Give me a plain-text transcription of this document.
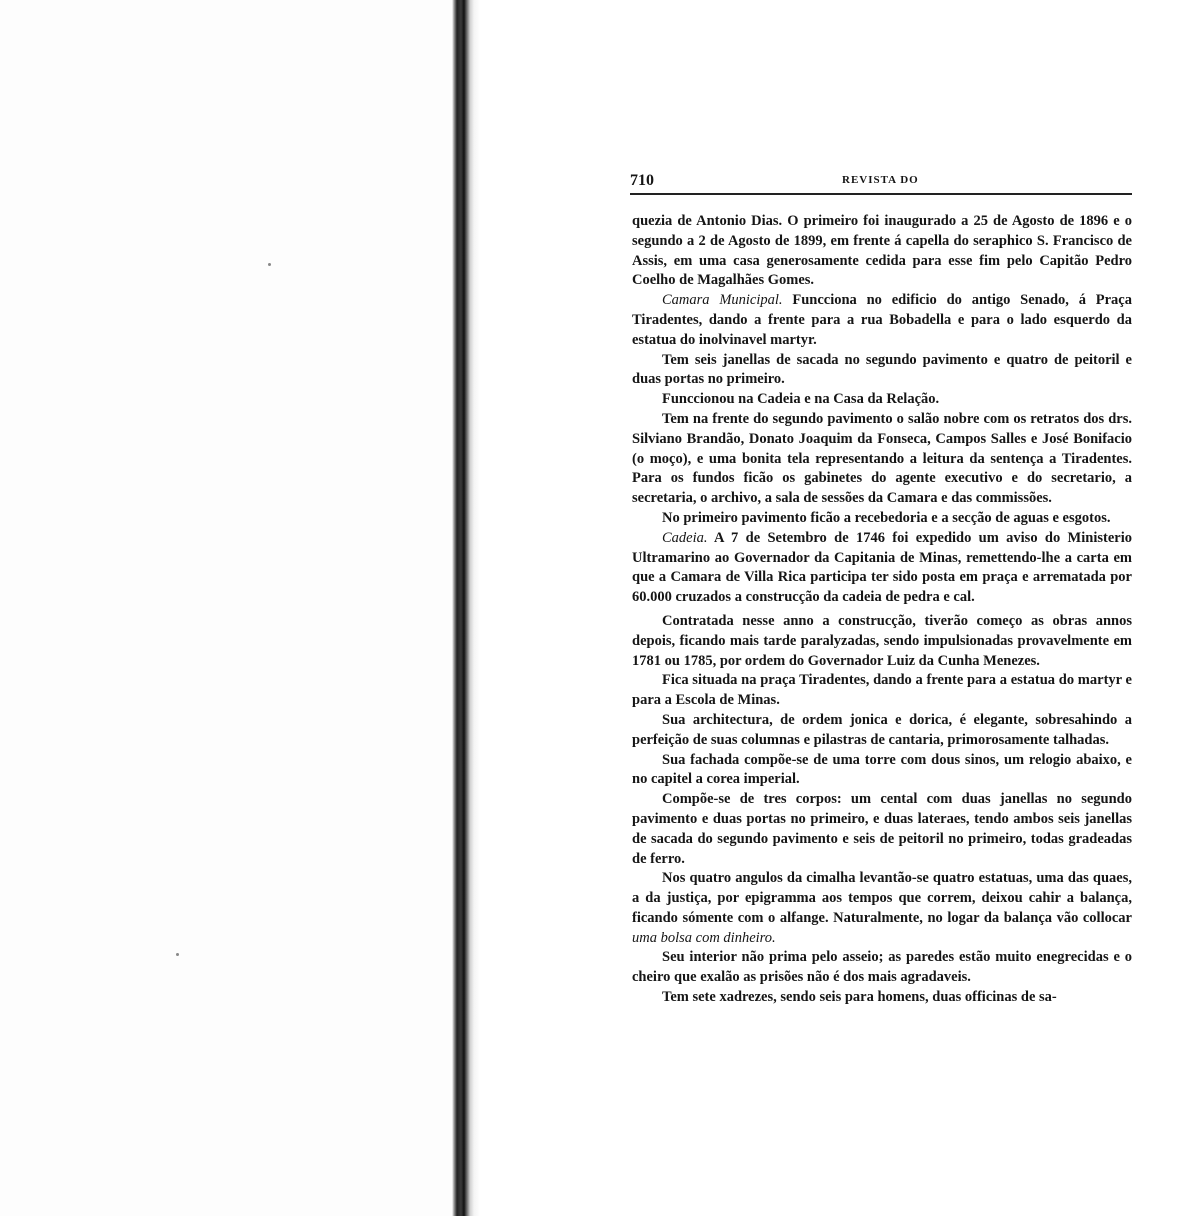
710	REVISTA DO

quezia de Antonio Dias. O primeiro foi inaugurado a 25 de Agosto de 1896 e o segundo a 2 de Agosto de 1899, em frente á capella do seraphico S. Francisco de Assis, em uma casa generosamente cedida para esse fim pelo Capitão Pedro Coelho de Magalhães Gomes.

Camara Municipal. Funcciona no edificio do antigo Senado, á Praça Tiradentes, dando a frente para a rua Bobadella e para o lado esquerdo da estatua do inolvinavel martyr.

Tem seis janellas de sacada no segundo pavimento e quatro de peitoril e duas portas no primeiro.

Funccionou na Cadeia e na Casa da Relação.

Tem na frente do segundo pavimento o salão nobre com os retratos dos drs. Silviano Brandão, Donato Joaquim da Fonseca, Campos Salles e José Bonifacio (o moço), e uma bonita tela representando a leitura da sentença a Tiradentes. Para os fundos ficão os gabinetes do agente executivo e do secretario, a secretaria, o archivo, a sala de sessões da Camara e das commissões.

No primeiro pavimento ficão a recebedoria e a secção de aguas e esgotos.

Cadeia. A 7 de Setembro de 1746 foi expedido um aviso do Ministerio Ultramarino ao Governador da Capitania de Minas, remettendo-lhe a carta em que a Camara de Villa Rica participa ter sido posta em praça e arrematada por 60.000 cruzados a construcção da cadeia de pedra e cal.

Contratada nesse anno a construcção, tiverão começo as obras annos depois, ficando mais tarde paralyzadas, sendo impulsionadas provavelmente em 1781 ou 1785, por ordem do Governador Luiz da Cunha Menezes.

Fica situada na praça Tiradentes, dando a frente para a estatua do martyr e para a Escola de Minas.

Sua architectura, de ordem jonica e dorica, é elegante, sobresahindo a perfeição de suas columnas e pilastras de cantaria, primorosamente talhadas.

Sua fachada compõe-se de uma torre com dous sinos, um relogio abaixo, e no capitel a corea imperial.

Compõe-se de tres corpos: um cental com duas janellas no segundo pavimento e duas portas no primeiro, e duas lateraes, tendo ambos seis janellas de sacada do segundo pavimento e seis de peitoril no primeiro, todas gradeadas de ferro.

Nos quatro angulos da cimalha levantão-se quatro estatuas, uma das quaes, a da justiça, por epigramma aos tempos que correm, deixou cahir a balança, ficando sómente com o alfange. Naturalmente, no logar da balança vão collocar uma bolsa com dinheiro.

Seu interior não prima pelo asseio; as paredes estão muito enegrecidas e o cheiro que exalão as prisões não é dos mais agradaveis.

Tem sete xadrezes, sendo seis para homens, duas officinas de sa-
